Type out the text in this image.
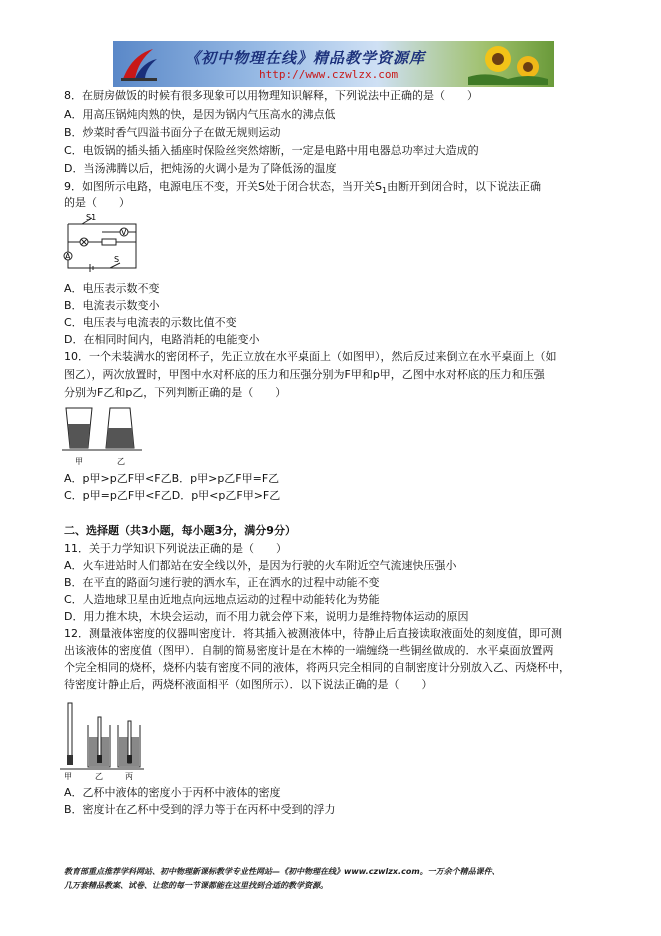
《初中物理在线》精品教学资源库
http://www.czwlzx.com
8．在厨房做饭的时候有很多现象可以用物理知识解释，下列说法中正确的是（　　）
A．用高压锅炖肉熟的快，是因为锅内气压高水的沸点低
B．炒菜时香气四溢书面分子在做无规则运动
C．电饭锅的插头插入插座时保险丝突然熔断，一定是电路中用电器总功率过大造成的
D．当汤沸腾以后，把炖汤的火调小是为了降低汤的温度
9．如图所示电路，电源电压不变，开关S处于闭合状态，当开关$S_1$由断开到闭合时，以下说法正确
的是（　　）
S1
V
A	S
A．电压表示数不变
B．电流表示数变小
C．电压表与电流表的示数比值不变
D．在相同时间内，电路消耗的电能变小
10．一个未装满水的密闭杯子，先正立放在水平桌面上（如图甲），然后反过来倒立在水平桌面上（如
图乙），两次放置时，甲图中水对杯底的压力和压强分别为F甲和p甲，乙图中水对杯底的压力和压强
分别为F乙和p乙，下列判断正确的是（　　）
甲	乙
A．p甲>p乙F甲<F乙B．p甲>p乙F甲=F乙
C．p甲=p乙F甲<F乙D．p甲<p乙F甲>F乙
二、选择题（共3小题，每小题3分，满分9分）
11．关于力学知识下列说法正确的是（　　）
A．火车进站时人们都站在安全线以外，是因为行驶的火车附近空气流速快压强小
B．在平直的路面匀速行驶的洒水车，正在洒水的过程中动能不变
C．人造地球卫星由近地点向远地点运动的过程中动能转化为势能
D．用力推木块，木块会运动，而不用力就会停下来，说明力是维持物体运动的原因
12．测量液体密度的仪器叫密度计．将其插入被测液体中，待静止后直接读取液面处的刻度值，即可测
出该液体的密度值（图甲）．自制的简易密度计是在木棒的一端缠绕一些铜丝做成的．水平桌面放置两
个完全相同的烧杯，烧杯内装有密度不同的液体，将两只完全相同的自制密度计分别放入乙、丙烧杯中，
待密度计静止后，两烧杯液面相平（如图所示）．以下说法正确的是（　　）
甲	乙	丙
A．乙杯中液体的密度小于丙杯中液体的密度
B．密度计在乙杯中受到的浮力等于在丙杯中受到的浮力
教育部重点推荐学科网站、初中物理新课标教学专业性网站—《初中物理在线》www.czwlzx.com。一万余个精品课件、
几万套精品教案、试卷、让您的每一节课都能在这里找到合适的教学资源。
